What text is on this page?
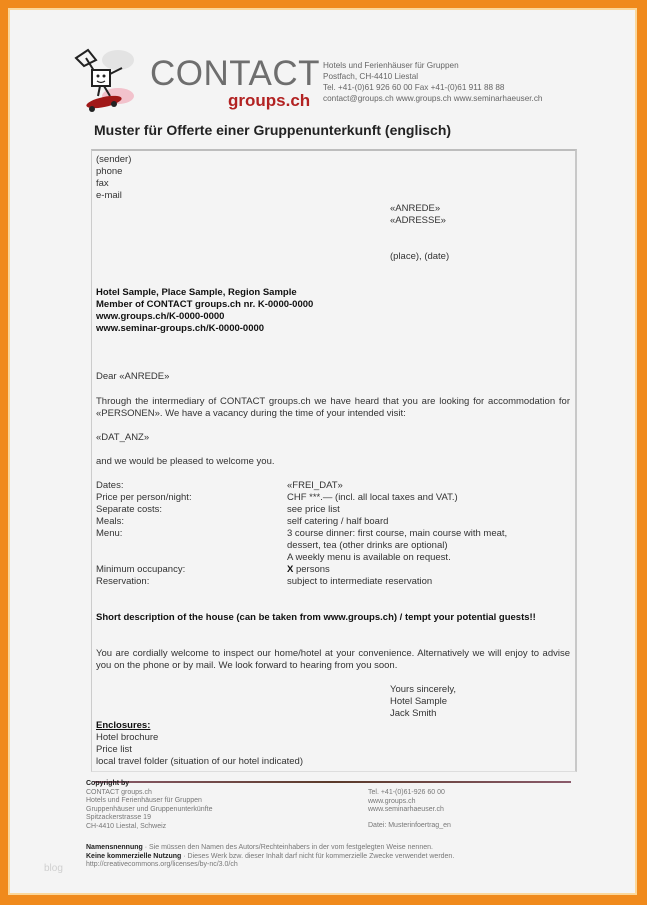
CONTACT
groups.ch
Hotels und Ferienhäuser für Gruppen
Postfach, CH-4410 Liestal
Tel. +41-(0)61 926 60 00 Fax +41-(0)61 911 88 88
contact@groups.ch www.groups.ch www.seminarhaeuser.ch
Muster für Offerte einer Gruppenunterkunft (englisch)
(sender)
phone
fax
e-mail
«ANREDE»
«ADRESSE»
(place), (date)
Hotel Sample, Place Sample, Region Sample
Member of CONTACT groups.ch nr. K-0000-0000
www.groups.ch/K-0000-0000
www.seminar-groups.ch/K-0000-0000
Dear «ANREDE»
Through the intermediary of CONTACT groups.ch we have heard that you are looking for accommodation for «PERSONEN». We have a vacancy during the time of your intended visit:
«DAT_ANZ»
and we would be pleased to welcome you.
Dates:	«FREI_DAT»
Price per person/night:	CHF ***.— (incl. all local taxes and VAT.)
Separate costs:	see price list
Meals:	self catering / half board
Menu:	3 course dinner: first course, main course with meat,
dessert, tea (other drinks are optional)
A weekly menu is available on request.
Minimum occupancy:	X persons
Reservation:	subject to intermediate reservation
Short description of the house (can be taken from www.groups.ch) / tempt your potential guests!!
You are cordially welcome to inspect our home/hotel at your convenience. Alternatively we will enjoy to advise you on the phone or by mail. We look forward to hearing from you soon.
Yours sincerely,
Hotel Sample
Jack Smith
Enclosures:
Hotel brochure
Price list
local travel folder (situation of our hotel indicated)
Copyright by
CONTACT groups.ch
Hotels und Ferienhäuser für Gruppen
Gruppenhäuser und Gruppenunterkünfte
Spitzackerstrasse 19
CH-4410 Liestal, Schweiz
Tel. +41-(0)61-926 60 00
www.groups.ch
www.seminarhaeuser.ch
Datei: Musterinfoertrag_en
Namensnennung · Sie müssen den Namen des Autors/Rechteinhabers in der vom festgelegten Weise nennen.
Keine kommerzielle Nutzung · Dieses Werk bzw. dieser Inhalt darf nicht für kommerzielle Zwecke verwendet werden.
http://creativecommons.org/licenses/by-nc/3.0/ch
blog
